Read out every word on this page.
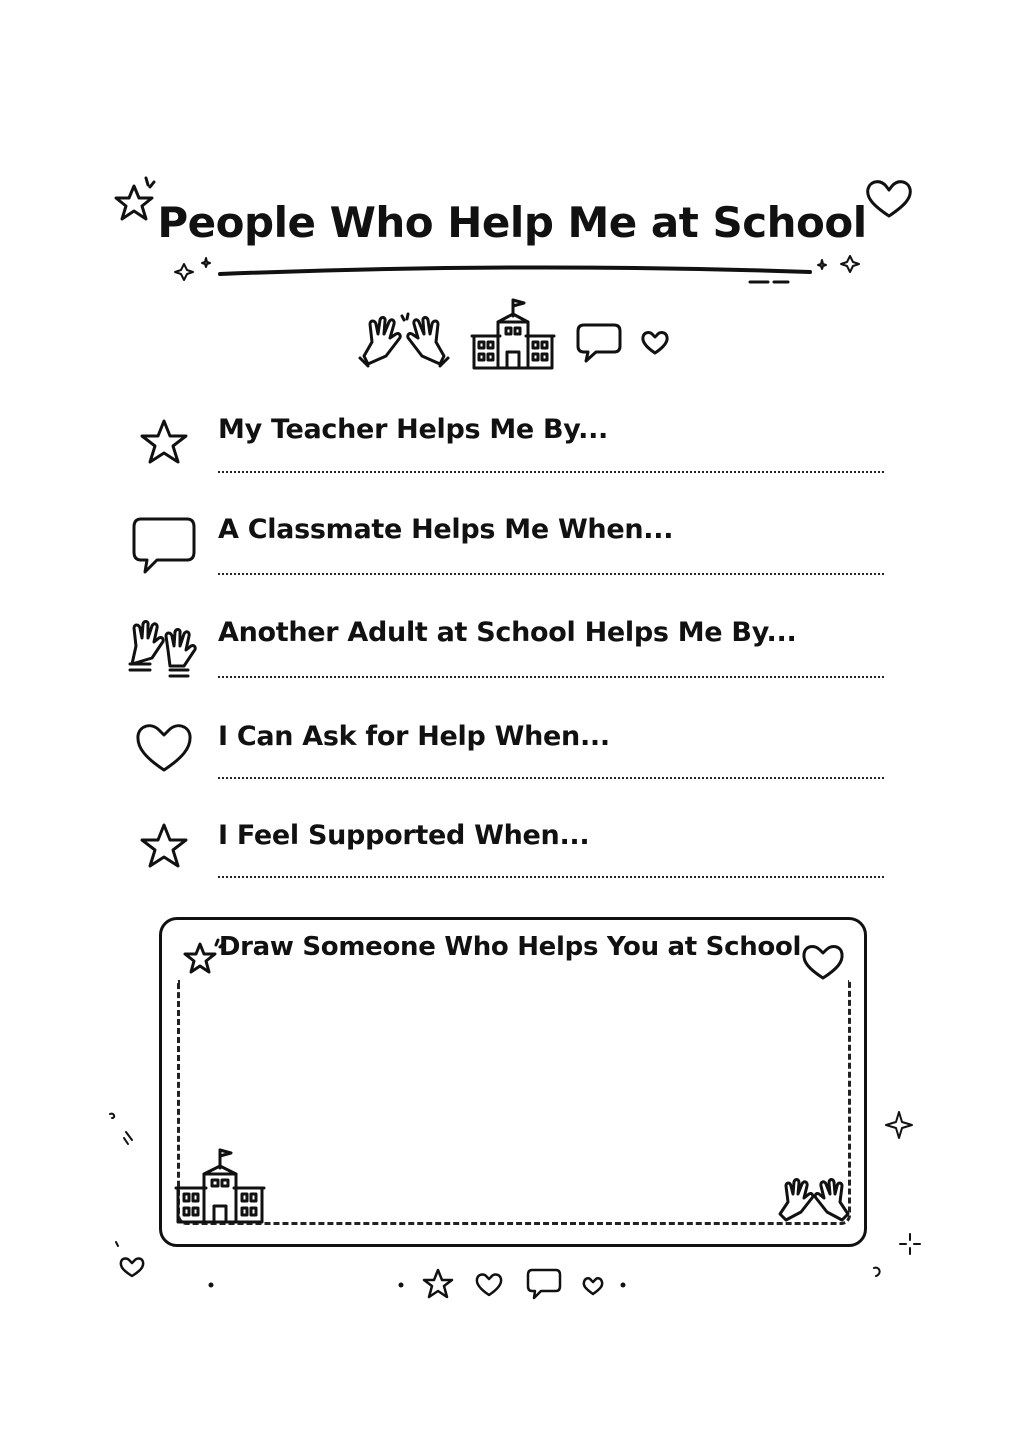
People Who Help Me at School
My Teacher Helps Me By...
A Classmate Helps Me When...
Another Adult at School Helps Me By...
I Can Ask for Help When...
I Feel Supported When...
Draw Someone Who Helps You at School
